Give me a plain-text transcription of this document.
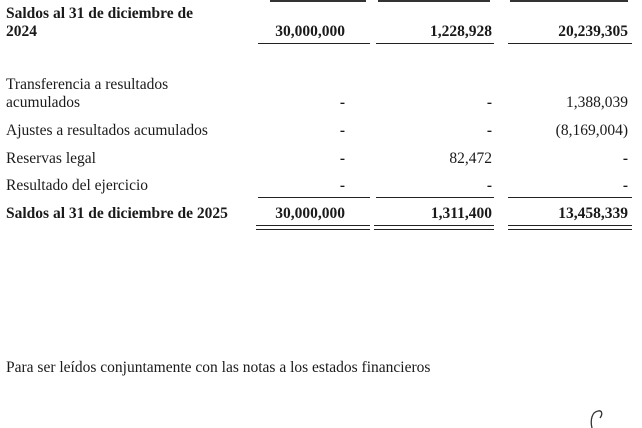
Saldos al 31 de diciembre de
2024	30,000,000	1,228,928	20,239,305
Transferencia a resultados
acumulados	-	-	1,388,039
Ajustes a resultados acumulados	-	-	(8,169,004)
Reservas legal	-	82,472	-
Resultado del ejercicio	-	-	-
Saldos al 31 de diciembre de 2025	30,000,000	1,311,400	13,458,339
Para ser leídos conjuntamente con las notas a los estados financieros
